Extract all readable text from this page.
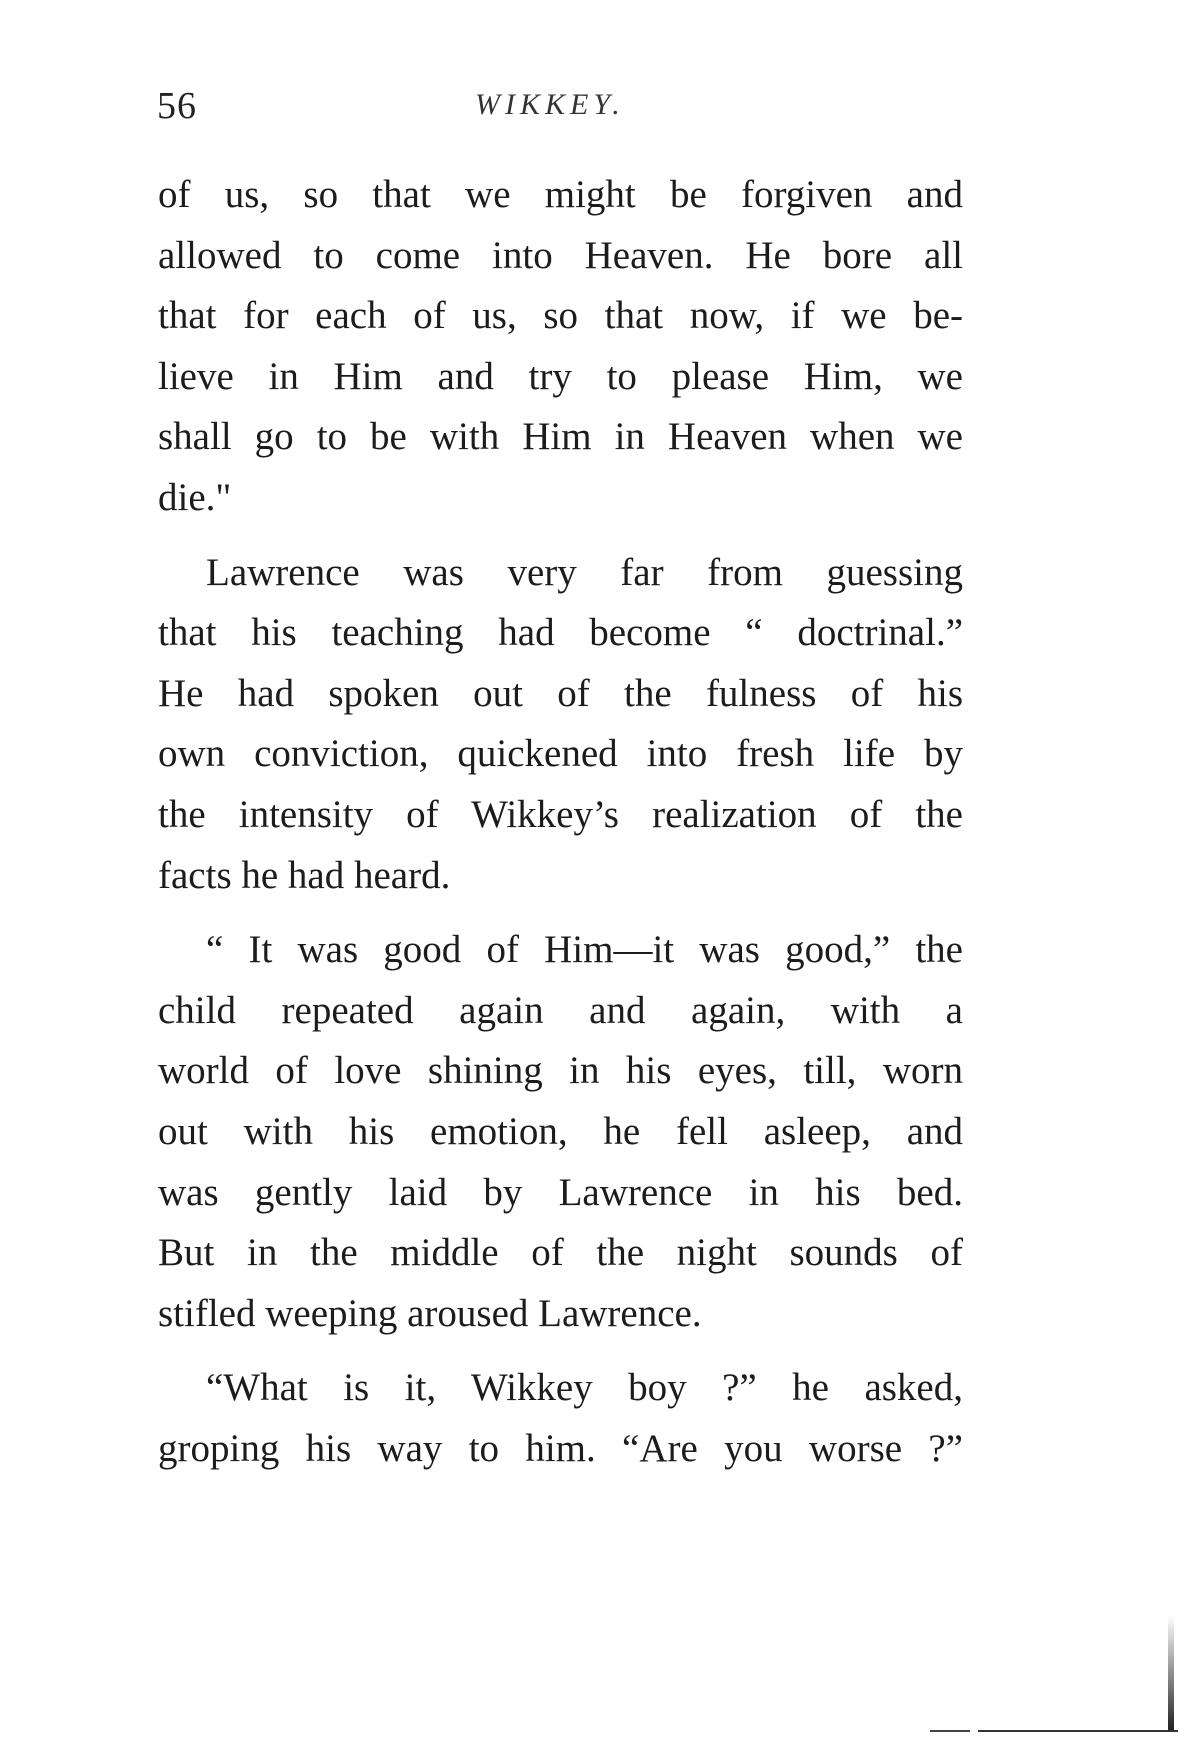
56	WIKKEY.
of us, so that we might be forgiven and
allowed to come into Heaven. He bore all
that for each of us, so that now, if we be-
lieve in Him and try to please Him, we
shall go to be with Him in Heaven when we
die."
Lawrence was very far from guessing
that his teaching had become “ doctrinal.”
He had spoken out of the fulness of his
own conviction, quickened into fresh life by
the intensity of Wikkey’s realization of the
facts he had heard.
“ It was good of Him—it was good,” the
child repeated again and again, with a
world of love shining in his eyes, till, worn
out with his emotion, he fell asleep, and
was gently laid by Lawrence in his bed.
But in the middle of the night sounds of
stifled weeping aroused Lawrence.
“What is it, Wikkey boy ?” he asked,
groping his way to him. “Are you worse ?”
